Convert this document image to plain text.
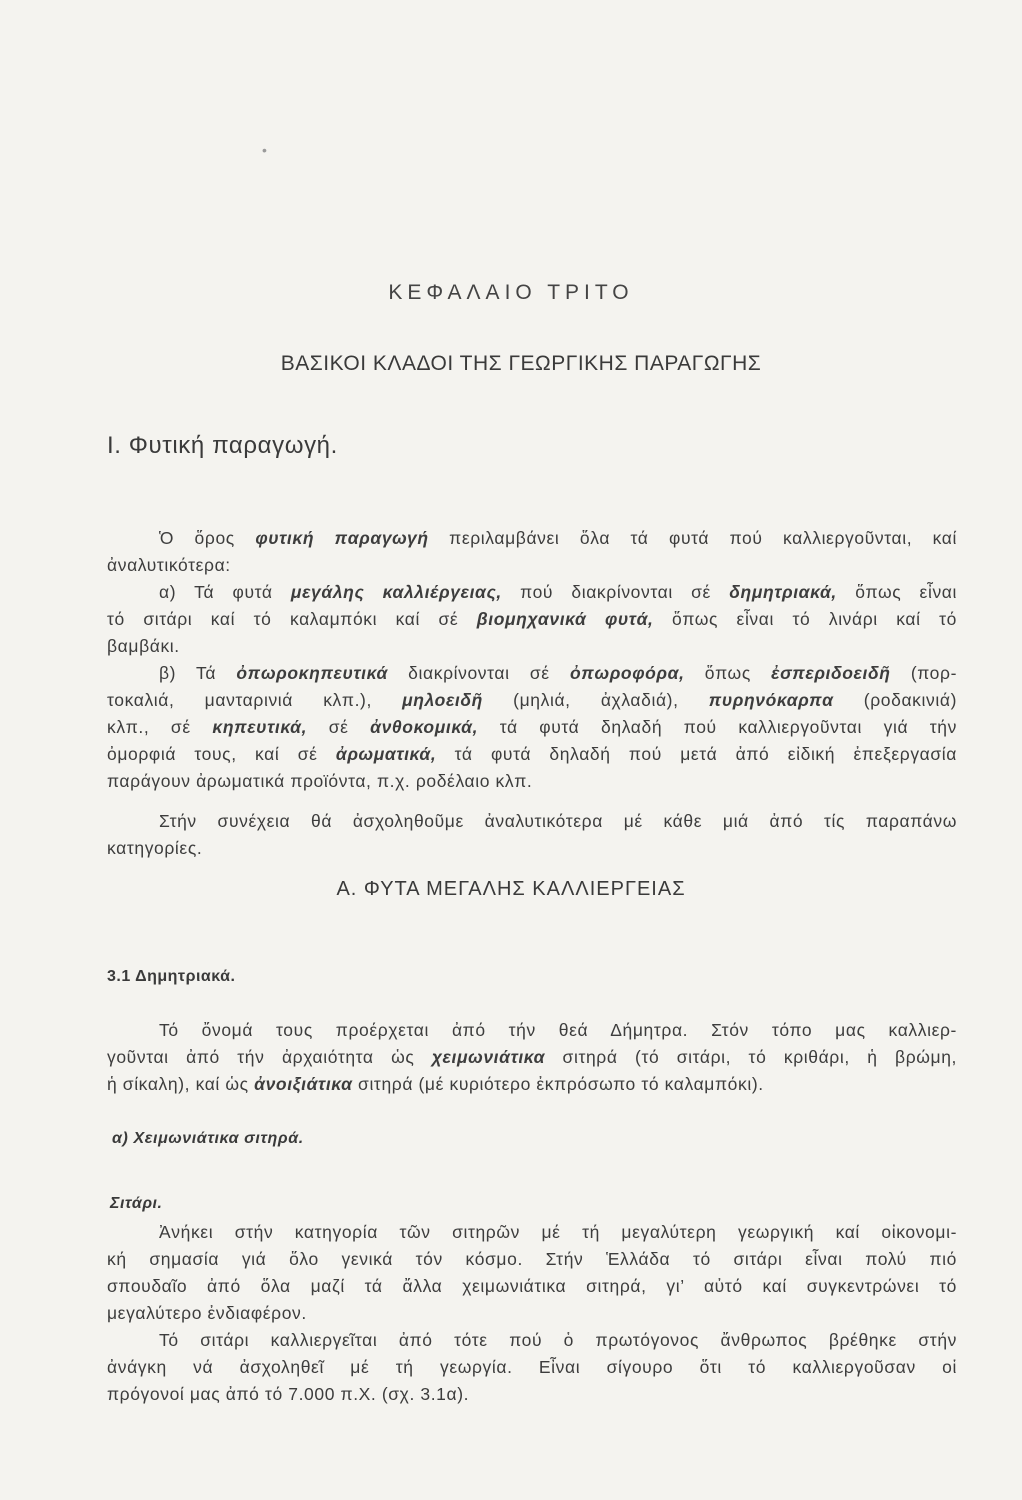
•
ΚΕΦΑΛΑΙΟ ΤΡΙΤΟ
ΒΑΣΙΚΟΙ ΚΛΑΔΟΙ ΤΗΣ ΓΕΩΡΓΙΚΗΣ ΠΑΡΑΓΩΓΗΣ
Ι. Φυτική παραγωγή.
Ὁ ὅρος φυτική παραγωγή περιλαμβάνει ὅλα τά φυτά πού καλλιεργοῦνται, καί
ἀναλυτικότερα:
α) Τά φυτά μεγάλης καλλιέργειας, πού διακρίνονται σέ δημητριακά, ὅπως εἶναι
τό σιτάρι καί τό καλαμπόκι καί σέ βιομηχανικά φυτά, ὅπως εἶναι τό λινάρι καί τό
βαμβάκι.
β) Τά ὀπωροκηπευτικά διακρίνονται σέ ὀπωροφόρα, ὅπως ἐσπεριδοειδῆ (πορ-
τοκαλιά, μανταρινιά κλπ.), μηλοειδῆ (μηλιά, ἀχλαδιά), πυρηνόκαρπα (ροδακινιά)
κλπ., σέ κηπευτικά, σέ ἀνθοκομικά, τά φυτά δηλαδή πού καλλιεργοῦνται γιά τήν
ὀμορφιά τους, καί σέ ἀρωματικά, τά φυτά δηλαδή πού μετά ἀπό εἰδική ἐπεξεργασία
παράγουν ἀρωματικά προϊόντα, π.χ. ροδέλαιο κλπ.
Στήν συνέχεια θά ἀσχοληθοῦμε ἀναλυτικότερα μέ κάθε μιά ἀπό τίς παραπάνω
κατηγορίες.
Α. ΦΥΤΑ ΜΕΓΑΛΗΣ ΚΑΛΛΙΕΡΓΕΙΑΣ
3.1 Δημητριακά.
Τό ὄνομά τους προέρχεται ἀπό τήν θεά Δήμητρα. Στόν τόπο μας καλλιερ-
γοῦνται ἀπό τήν ἀρχαιότητα ὡς χειμωνιάτικα σιτηρά (τό σιτάρι, τό κριθάρι, ἡ βρώμη,
ἡ σίκαλη), καί ὡς ἀνοιξιάτικα σιτηρά (μέ κυριότερο ἐκπρόσωπο τό καλαμπόκι).
α) Χειμωνιάτικα σιτηρά.
Σιτάρι.
Ἀνήκει στήν κατηγορία τῶν σιτηρῶν μέ τή μεγαλύτερη γεωργική καί οἰκονομι-
κή σημασία γιά ὅλο γενικά τόν κόσμο. Στήν Ἑλλάδα τό σιτάρι εἶναι πολύ πιό
σπουδαῖο ἀπό ὅλα μαζί τά ἄλλα χειμωνιάτικα σιτηρά, γι’ αὐτό καί συγκεντρώνει τό
μεγαλύτερο ἐνδιαφέρον.
Τό σιτάρι καλλιεργεῖται ἀπό τότε πού ὁ πρωτόγονος ἄνθρωπος βρέθηκε στήν
ἀνάγκη νά ἀσχοληθεῖ μέ τή γεωργία. Εἶναι σίγουρο ὅτι τό καλλιεργοῦσαν οἱ
πρόγονοί μας ἀπό τό 7.000 π.Χ. (σχ. 3.1α).
